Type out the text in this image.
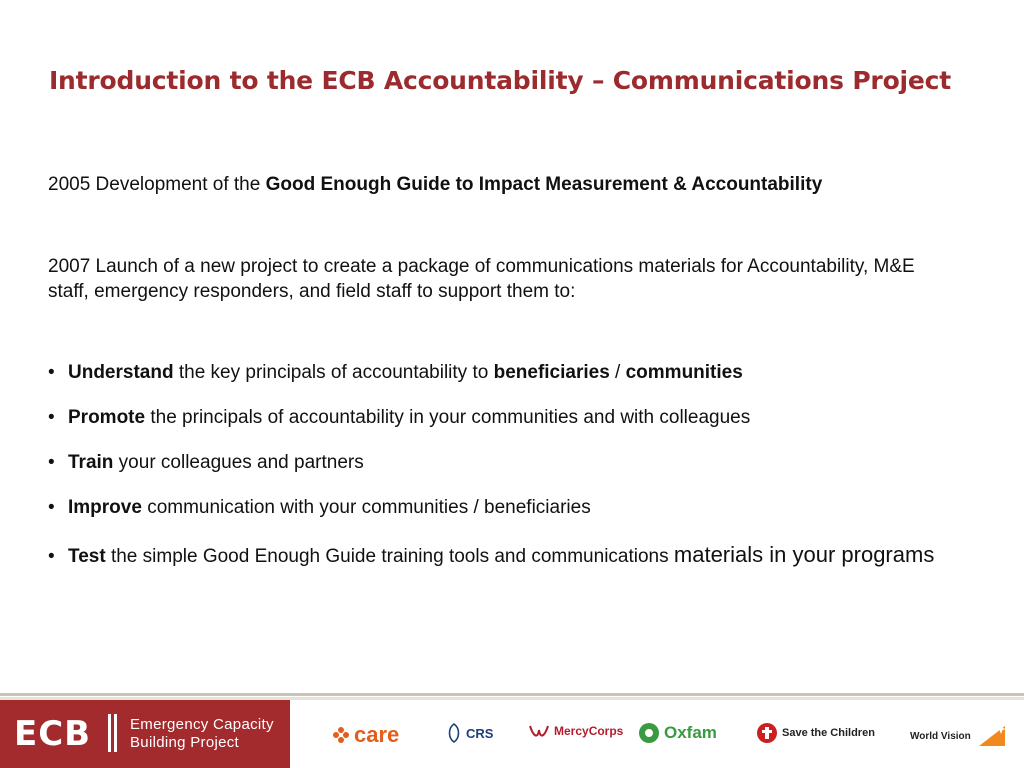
Introduction to the ECB Accountability – Communications Project

2005 Development of the Good Enough Guide to Impact Measurement & Accountability

2007 Launch of a new project to create a package of communications materials for Accountability, M&E staff, emergency responders, and field staff to support them to:

• Understand the key principals of accountability to beneficiaries / communities
• Promote the principals of accountability in your communities and with colleagues
• Train your colleagues and partners
• Improve communication with your communities / beneficiaries
• Test the simple Good Enough Guide training tools and communications materials in your programs
ECB	Emergency Capacity
Building Project	care	CRS	MercyCorps Oxfam	Save the Children	World Vision
